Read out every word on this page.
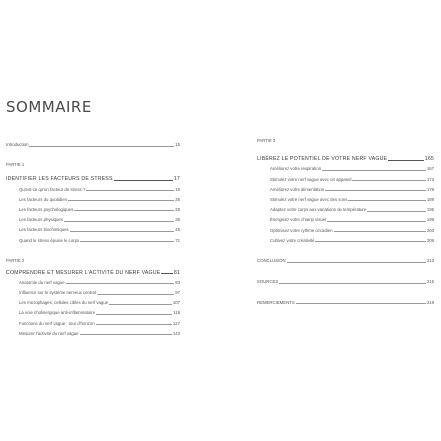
SOMMAIRE
Introduction	15
PARTIE 1
IDENTIFIER LES FACTEURS DE STRESS	17
Qu'est-ce qu'un facteur de stress ?	19
Les facteurs du quotidien	25
Les facteurs psychologiques	29
Les facteurs physiques	35
Les facteurs biochimiques	45
Quand le stress épuise le corps	71
PARTIE 2
COMPRENDRE ET MESURER L'ACTIVITÉ DU NERF VAGUE	81
Anatomie du nerf vague	83
Influence sur le système nerveux central	97
Les microphages, cellules cibles du nerf vague	107
La voie cholinergique anti-inflammatoire	119
Fonctions du nerf vague : tour d'horizon	127
Mesurer l'activité du nerf vague	143
PARTIE 3
LIBÉREZ LE POTENTIEL DE VOTRE NERF VAGUE	165
Améliorez votre respiration	167
Stimulez votre nerf vague avec un appareil	173
Améliorez votre alimentation	179
Stimulez votre nerf vague avec des sons	189
Adaptez votre corps aux variations de température	195
Énergisez votre champ visuel	199
Optimisez votre rythme circadien	203
Cultivez votre créativité	209
CONCLUSION	213
SOURCES	215
REMERCIEMENTS	219
